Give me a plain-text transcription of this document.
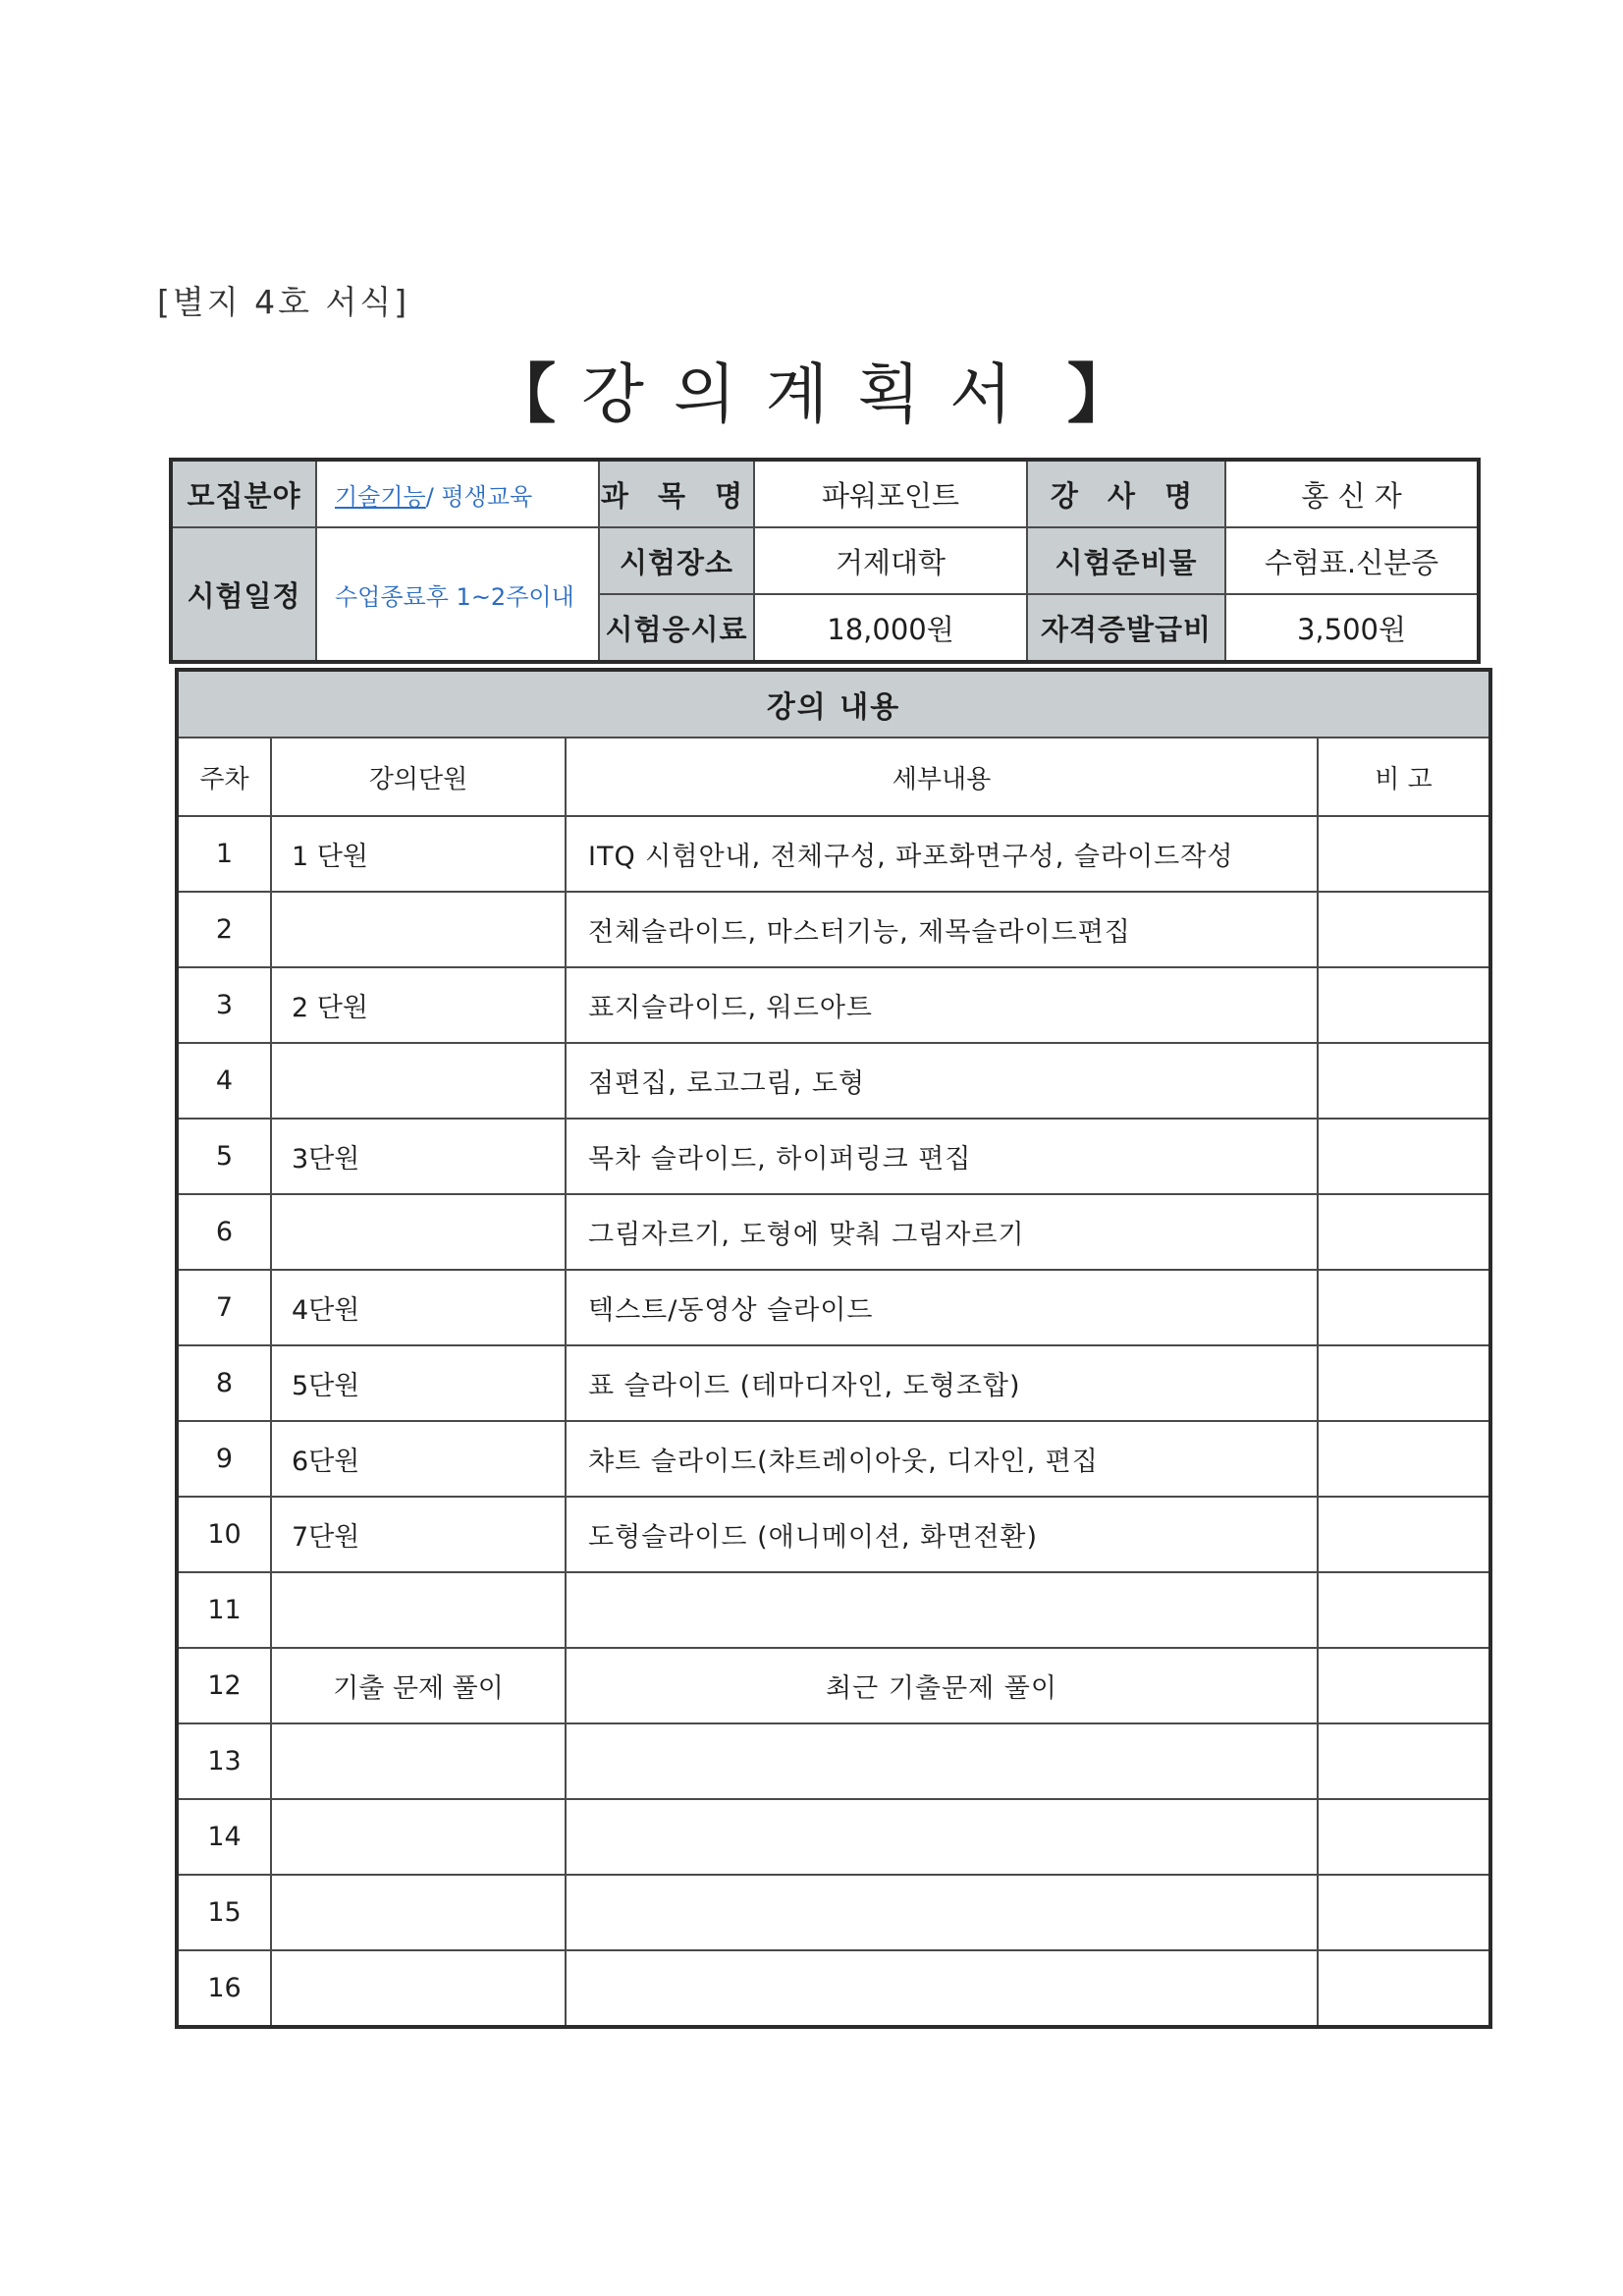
[별지 4호 서식]
【 강의계획서 】
모집분야	기술기능/ 평생교육	과 목 명	파워포인트	강 사 명	홍 신 자
시험일정	수업종료후 1~2주이내	시험장소	거제대학	시험준비물	수험표.신분증
		시험응시료	18,000원	자격증발급비	3,500원
강의 내용			
주차	강의단원	세부내용	비 고
1	1 단원	ITQ 시험안내, 전체구성, 파포화면구성, 슬라이드작성	
2		전체슬라이드, 마스터기능, 제목슬라이드편집	
3	2 단원	표지슬라이드, 워드아트	
4		점편집, 로고그림, 도형	
5	3단원	목차 슬라이드, 하이퍼링크 편집	
6		그림자르기, 도형에 맞춰 그림자르기	
7	4단원	텍스트/동영상 슬라이드	
8	5단원	표 슬라이드 (테마디자인, 도형조합)	
9	6단원	챠트 슬라이드(챠트레이아웃, 디자인, 편집	
10	7단원	도형슬라이드 (애니메이션, 화면전환)	
11			
12	기출 문제 풀이	최근 기출문제 풀이	
13			
14			
15			
16			
